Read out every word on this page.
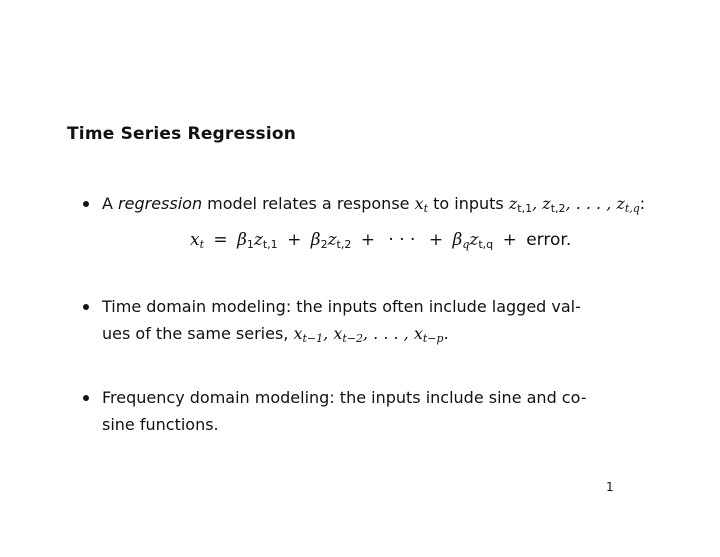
Time Series Regression
A regression model relates a response $x_t$ to inputs $z_{t,1}$, $z_{t,2}$, . . . , $z_{t,q}$:
$x_t = \beta_1z_{t,1} + \beta_2z_{t,2}$ + · · · + $\beta_qz_{t,q}$ + error.
Time domain modeling: the inputs often include lagged val-
ues of the same series, $x_{t-1}$, $x_{t-2}$, . . . , $x_{t-p}$.
Frequency domain modeling: the inputs include sine and co-
sine functions.
1
